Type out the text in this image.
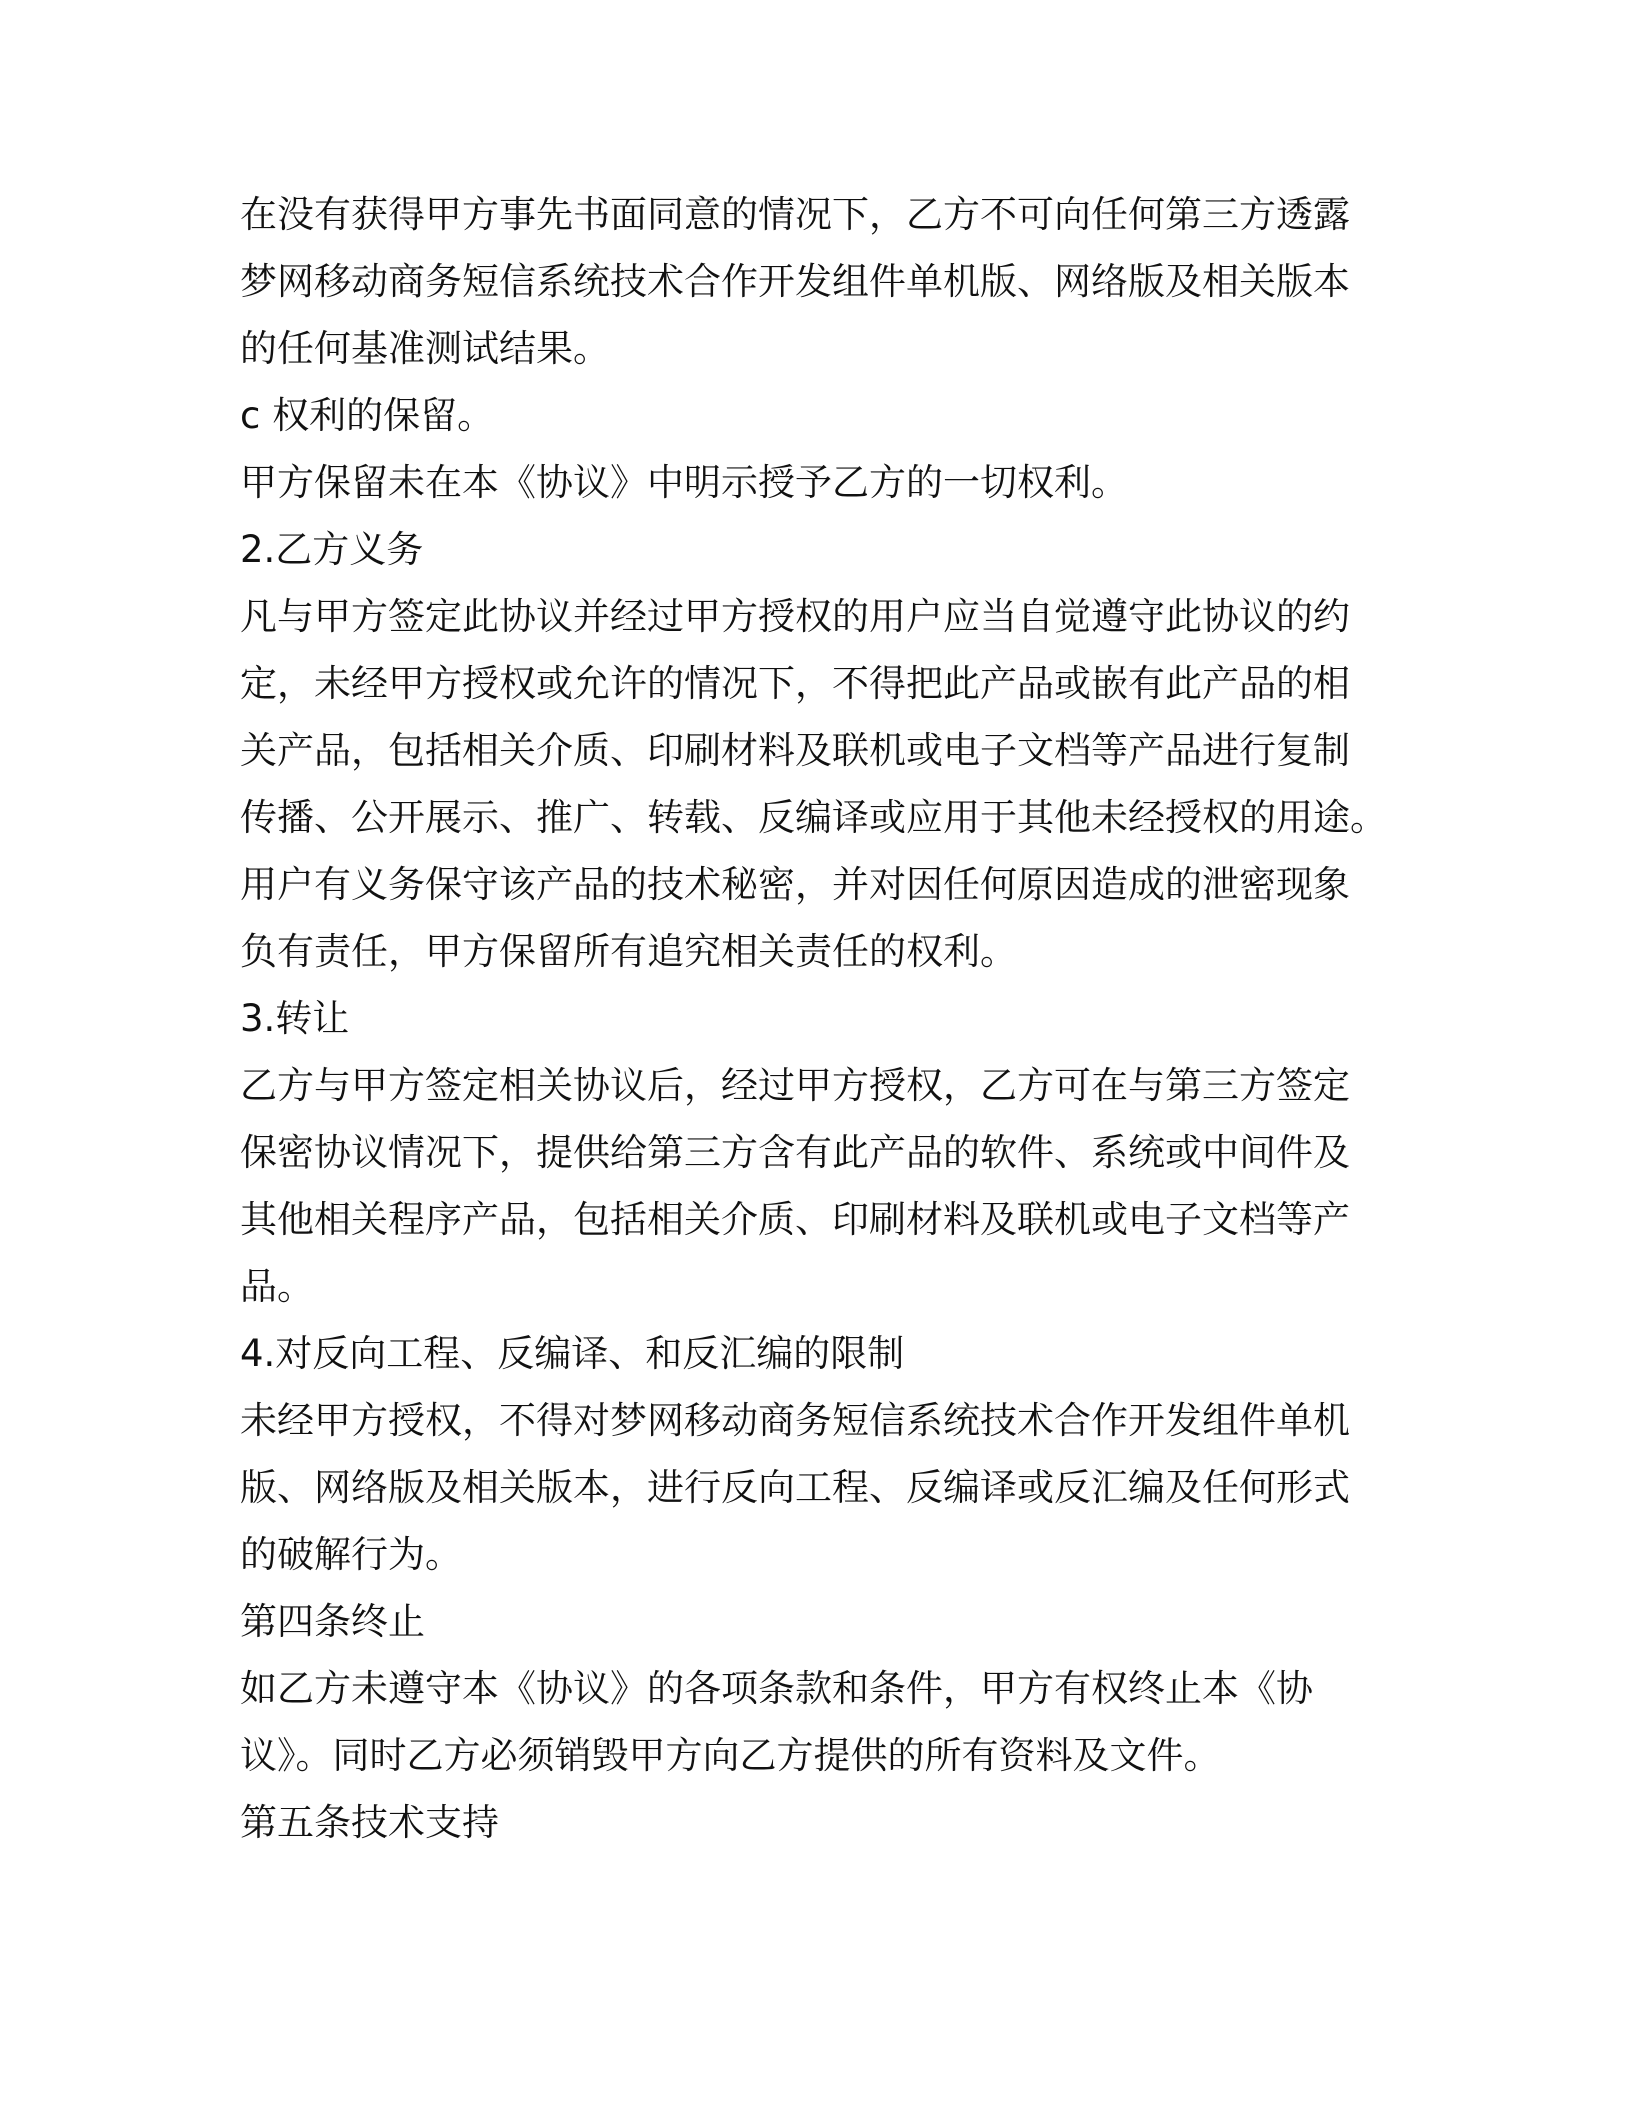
在没有获得甲方事先书面同意的情况下，乙方不可向任何第三方透露
梦网移动商务短信系统技术合作开发组件单机版、网络版及相关版本
的任何基准测试结果。
c 权利的保留。
甲方保留未在本《协议》中明示授予乙方的一切权利。
2.乙方义务
凡与甲方签定此协议并经过甲方授权的用户应当自觉遵守此协议的约
定，未经甲方授权或允许的情况下，不得把此产品或嵌有此产品的相
关产品，包括相关介质、印刷材料及联机或电子文档等产品进行复制
传播、公开展示、推广、转载、反编译或应用于其他未经授权的用途。
用户有义务保守该产品的技术秘密，并对因任何原因造成的泄密现象
负有责任，甲方保留所有追究相关责任的权利。
3.转让
乙方与甲方签定相关协议后，经过甲方授权，乙方可在与第三方签定
保密协议情况下，提供给第三方含有此产品的软件、系统或中间件及
其他相关程序产品，包括相关介质、印刷材料及联机或电子文档等产
品。
4.对反向工程、反编译、和反汇编的限制
未经甲方授权，不得对梦网移动商务短信系统技术合作开发组件单机
版、网络版及相关版本，进行反向工程、反编译或反汇编及任何形式
的破解行为。
第四条终止
如乙方未遵守本《协议》的各项条款和条件，甲方有权终止本《协
议》。同时乙方必须销毁甲方向乙方提供的所有资料及文件。
第五条技术支持
